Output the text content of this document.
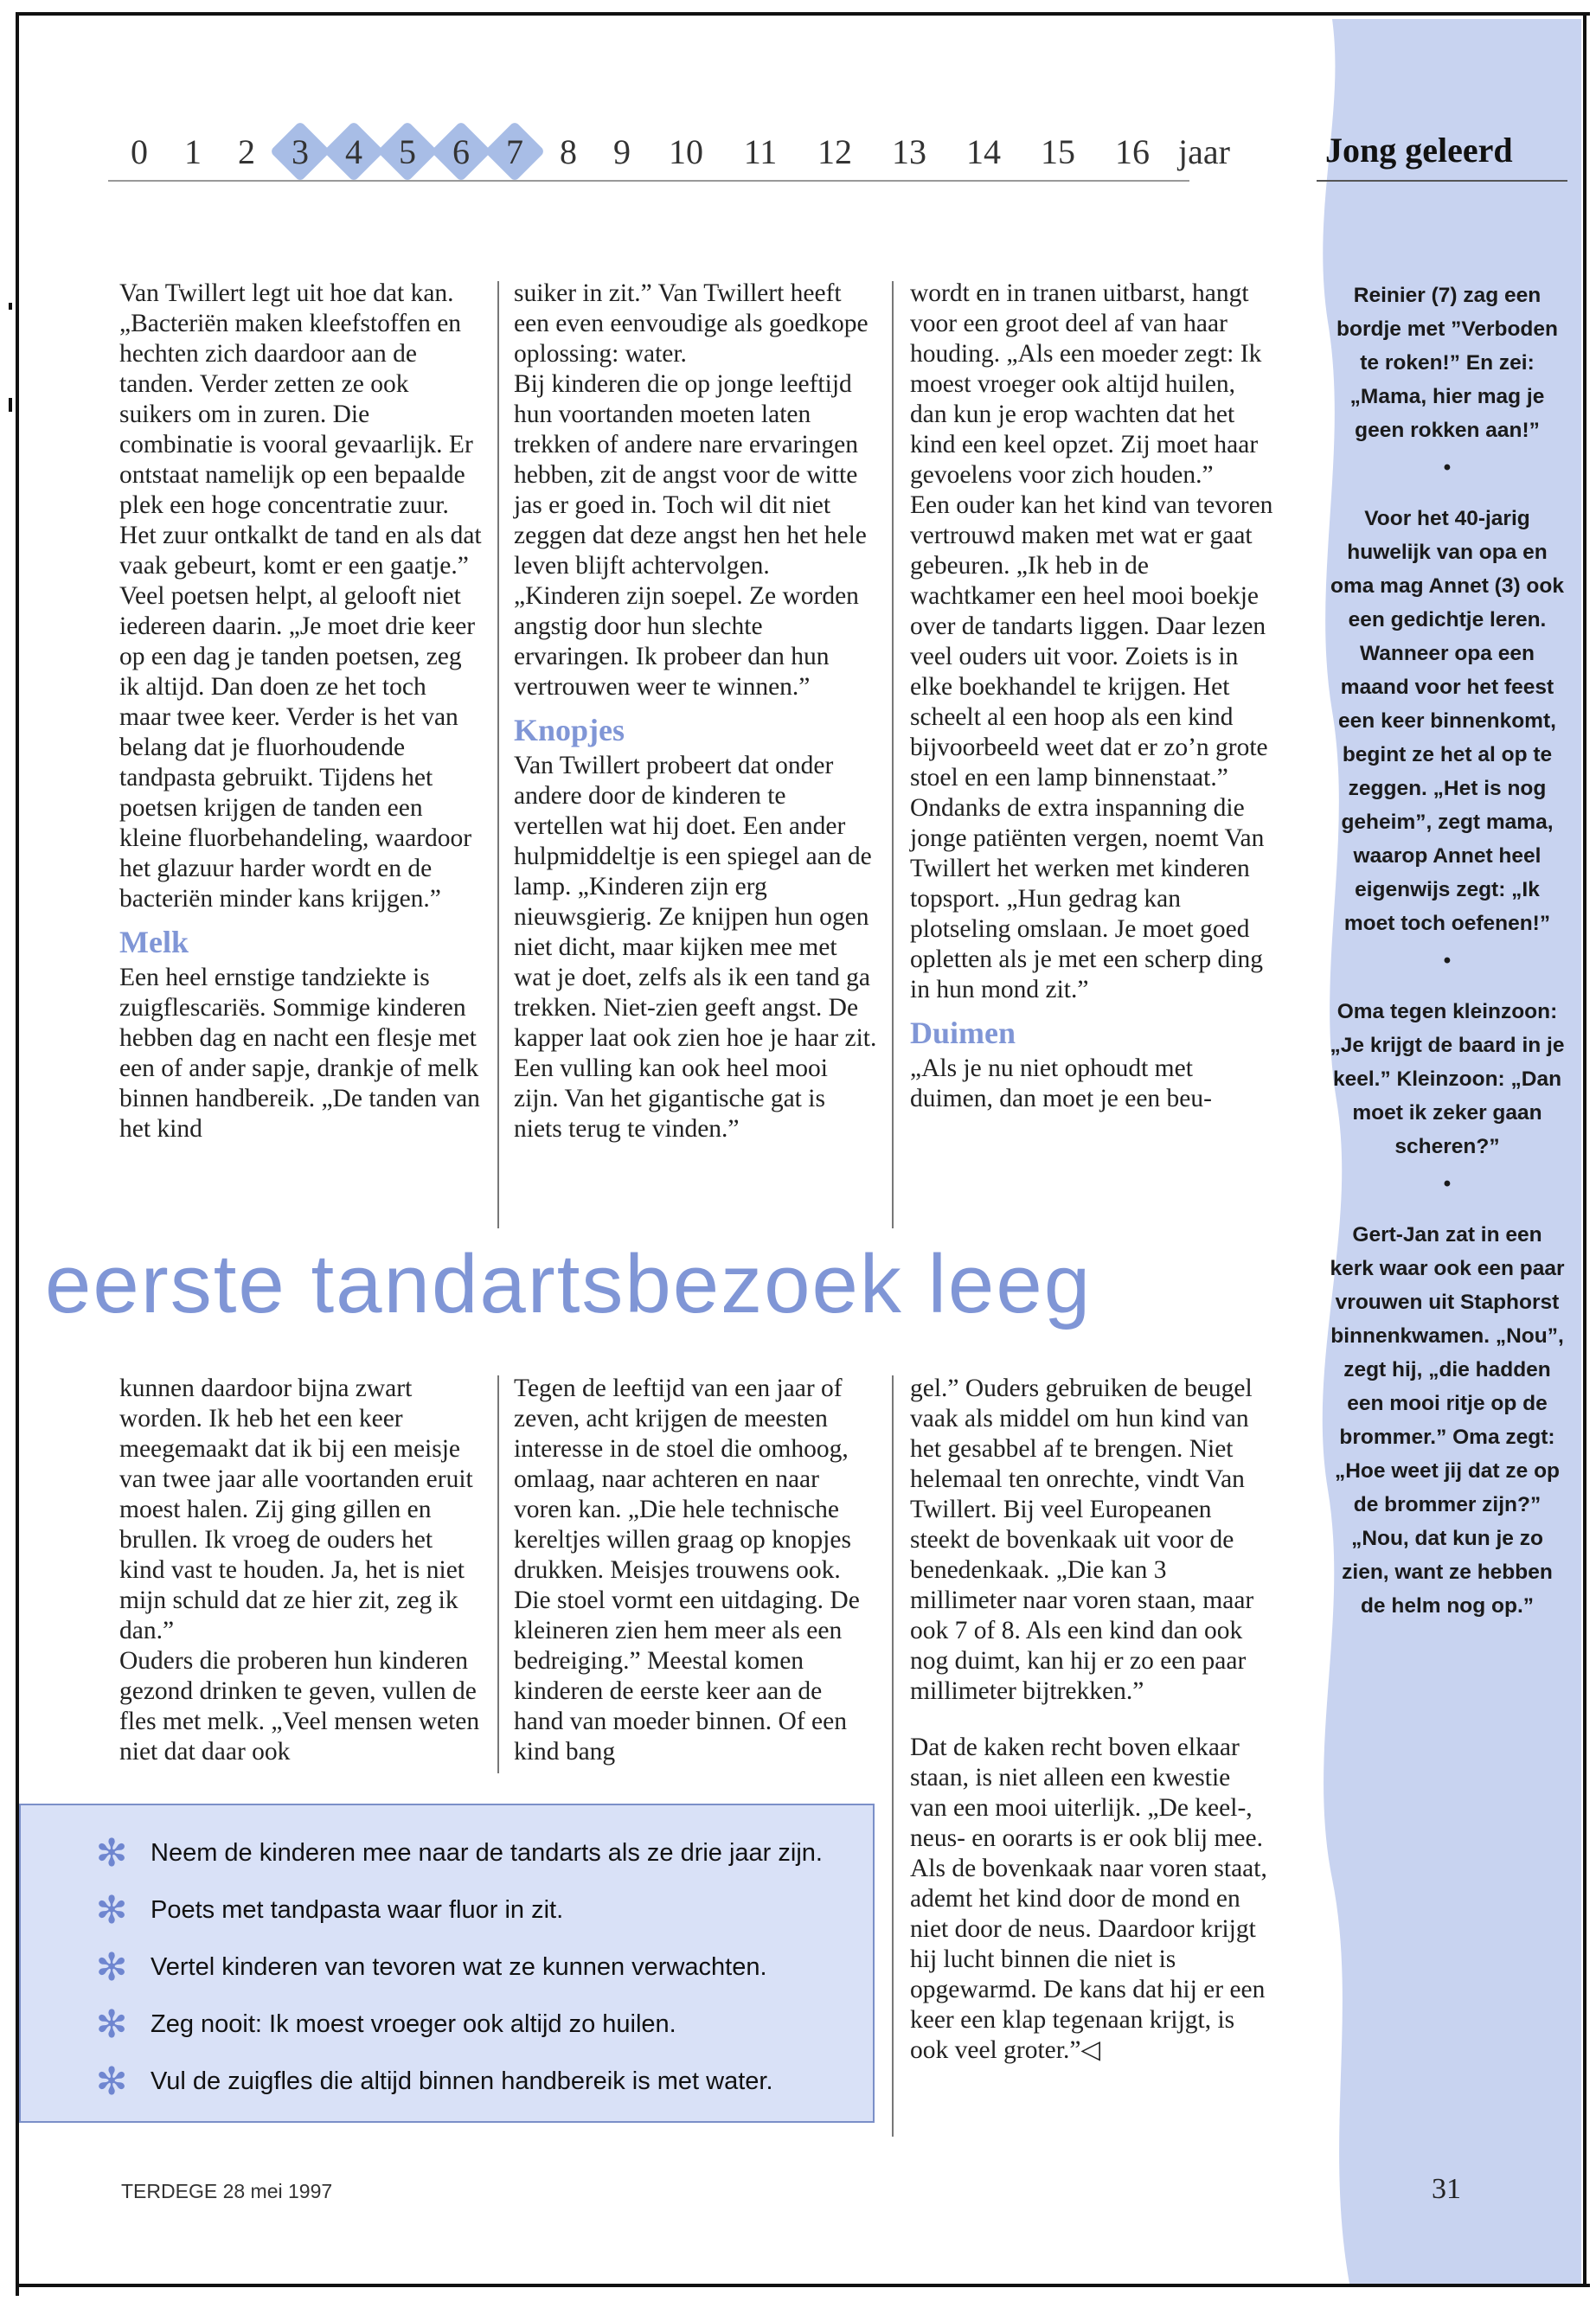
0	1	2	3	4	5	6	7	8	9	10	11	12	13	14	15	16 jaar	Jong geleerd

Van Twillert legt uit hoe dat kan. „Bacteriën maken kleefstoffen en hechten zich daardoor aan de tanden. Verder zetten ze ook suikers om in zuren. Die combinatie is vooral gevaarlijk. Er ontstaat namelijk op een bepaalde plek een hoge concentratie zuur. Het zuur ontkalkt de tand en als dat vaak gebeurt, komt er een gaatje.”

Veel poetsen helpt, al gelooft niet iedereen daarin. „Je moet drie keer op een dag je tanden poetsen, zeg ik altijd. Dan doen ze het toch maar twee keer. Verder is het van belang dat je fluorhoudende tandpasta gebruikt. Tijdens het poetsen krijgen de tanden een kleine fluorbehandeling, waardoor het glazuur harder wordt en de bacteriën minder kans krijgen.”

Melk

Een heel ernstige tandziekte is zuigflescariës. Sommige kinderen hebben dag en nacht een flesje met een of ander sapje, drankje of melk binnen handbereik. „De tanden van het kind

suiker in zit.” Van Twillert heeft een even eenvoudige als goedkope oplossing: water.

Bij kinderen die op jonge leeftijd hun voortanden moeten laten trekken of andere nare ervaringen hebben, zit de angst voor de witte jas er goed in. Toch wil dit niet zeggen dat deze angst hen het hele leven blijft achtervolgen. „Kinderen zijn soepel. Ze worden angstig door hun slechte ervaringen. Ik probeer dan hun vertrouwen weer te winnen.”

Knopjes

Van Twillert probeert dat onder andere door de kinderen te vertellen wat hij doet. Een ander hulpmiddeltje is een spiegel aan de lamp. „Kinderen zijn erg nieuwsgierig. Ze knijpen hun ogen niet dicht, maar kijken mee met wat je doet, zelfs als ik een tand ga trekken. Niet-zien geeft angst. De kapper laat ook zien hoe je haar zit. Een vulling kan ook heel mooi zijn. Van het gigantische gat is niets terug te vinden.”

wordt en in tranen uitbarst, hangt voor een groot deel af van haar houding. „Als een moeder zegt: Ik moest vroeger ook altijd huilen, dan kun je erop wachten dat het kind een keel opzet. Zij moet haar gevoelens voor zich houden.”

Een ouder kan het kind van tevoren vertrouwd maken met wat er gaat gebeuren. „Ik heb in de wachtkamer een heel mooi boekje over de tandarts liggen. Daar lezen veel ouders uit voor. Zoiets is in elke boekhandel te krijgen. Het scheelt al een hoop als een kind bijvoorbeeld weet dat er zo’n grote stoel en een lamp binnenstaat.”

Ondanks de extra inspanning die jonge patiënten vergen, noemt Van Twillert het werken met kinderen topsport. „Hun gedrag kan plotseling omslaan. Je moet goed opletten als je met een scherp ding in hun mond zit.”

Duimen

„Als je nu niet ophoudt met duimen, dan moet je een beu-

eerste tandartsbezoek leeg

kunnen daardoor bijna zwart worden. Ik heb het een keer meegemaakt dat ik bij een meisje van twee jaar alle voortanden eruit moest halen. Zij ging gillen en brullen. Ik vroeg de ouders het kind vast te houden. Ja, het is niet mijn schuld dat ze hier zit, zeg ik dan.”

Ouders die proberen hun kinderen gezond drinken te geven, vullen de fles met melk. „Veel mensen weten niet dat daar ook

Tegen de leeftijd van een jaar of zeven, acht krijgen de meesten interesse in de stoel die omhoog, omlaag, naar achteren en naar voren kan. „Die hele technische kereltjes willen graag op knopjes drukken. Meisjes trouwens ook. Die stoel vormt een uitdaging. De kleineren zien hem meer als een bedreiging.” Meestal komen kinderen de eerste keer aan de hand van moeder binnen. Of een kind bang

gel.” Ouders gebruiken de beugel vaak als middel om hun kind van het gesabbel af te brengen. Niet helemaal ten onrechte, vindt Van Twillert. Bij veel Europeanen steekt de bovenkaak uit voor de benedenkaak. „Die kan 3 millimeter naar voren staan, maar ook 7 of 8. Als een kind dan ook nog duimt, kan hij er zo een paar millimeter bijtrekken.”

Dat de kaken recht boven elkaar staan, is niet alleen een kwestie van een mooi uiterlijk. „De keel-, neus- en oorarts is er ook blij mee. Als de bovenkaak naar voren staat, ademt het kind door de mond en niet door de neus. Daardoor krijgt hij lucht binnen die niet is opgewarmd. De kans dat hij er een keer een klap tegenaan krijgt, is ook veel groter.”◁

✻ Neem de kinderen mee naar de tandarts als ze drie jaar zijn.
✻ Poets met tandpasta waar fluor in zit.
✻ Vertel kinderen van tevoren wat ze kunnen verwachten.
✻ Zeg nooit: Ik moest vroeger ook altijd zo huilen.
✻ Vul de zuigfles die altijd binnen handbereik is met water.

Reinier (7) zag een bordje met ”Verboden te roken!” En zei: „Mama, hier mag je geen rokken aan!”

•

Voor het 40-jarig huwelijk van opa en oma mag Annet (3) ook een gedichtje leren. Wanneer opa een maand voor het feest een keer binnenkomt, begint ze het al op te zeggen. „Het is nog geheim”, zegt mama, waarop Annet heel eigenwijs zegt: „Ik moet toch oefenen!”

•

Oma tegen kleinzoon: „Je krijgt de baard in je keel.” Kleinzoon: „Dan moet ik zeker gaan scheren?”

•

Gert-Jan zat in een kerk waar ook een paar vrouwen uit Staphorst binnenkwamen. „Nou”, zegt hij, „die hadden een mooi ritje op de brommer.” Oma zegt: „Hoe weet jij dat ze op de brommer zijn?” „Nou, dat kun je zo zien, want ze hebben de helm nog op.”

TERDEGE 28 mei 1997	31
